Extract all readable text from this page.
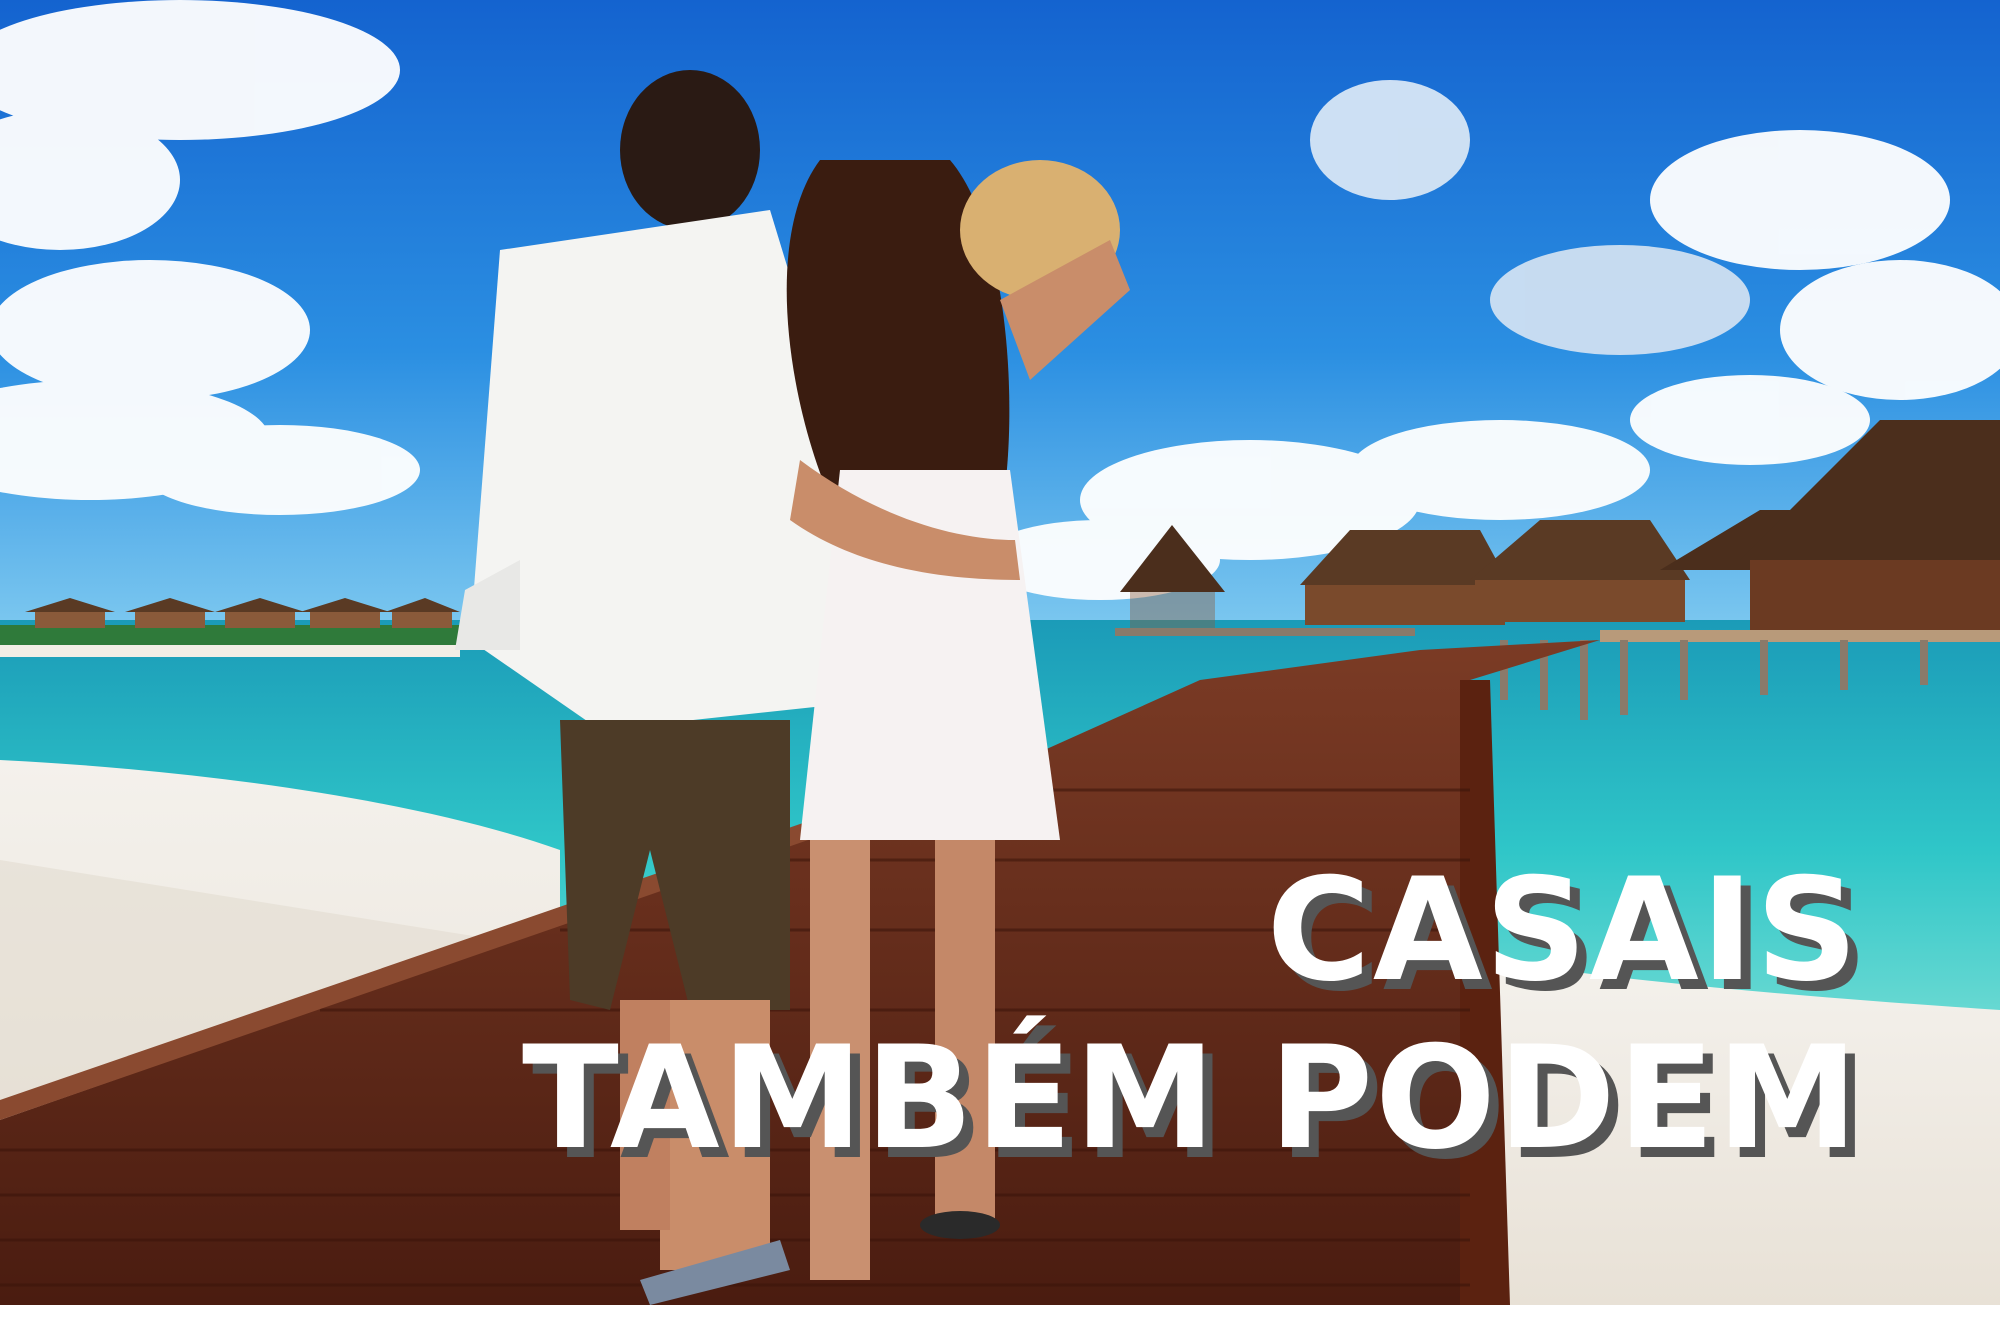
CASAIS
TAMBÉM PODEM
